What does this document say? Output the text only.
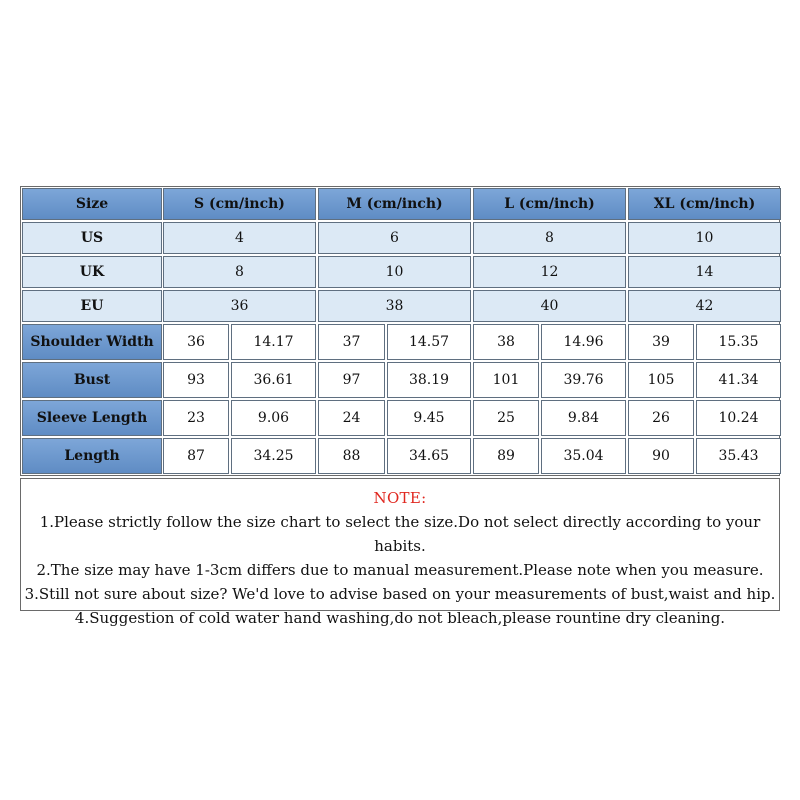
Size	S (cm/inch)	M (cm/inch)	L (cm/inch)	XL (cm/inch)
US	4	6	8	10
UK	8	10	12	14
EU	36	38	40	42
Shoulder Width	36	14.17	37	14.57	38	14.96	39	15.35
Bust	93	36.61	97	38.19	101	39.76	105	41.34
Sleeve Length	23	9.06	24	9.45	25	9.84	26	10.24
Length	87	34.25	88	34.65	89	35.04	90	35.43
NOTE:
1.Please strictly follow the size chart to select the size.Do not select directly according to your habits.
2.The size may have 1-3cm differs due to manual measurement.Please note when you measure.
3.Still not sure about size? We'd love to advise based on your measurements of bust,waist and hip.
4.Suggestion of cold water hand washing,do not bleach,please rountine dry cleaning.
